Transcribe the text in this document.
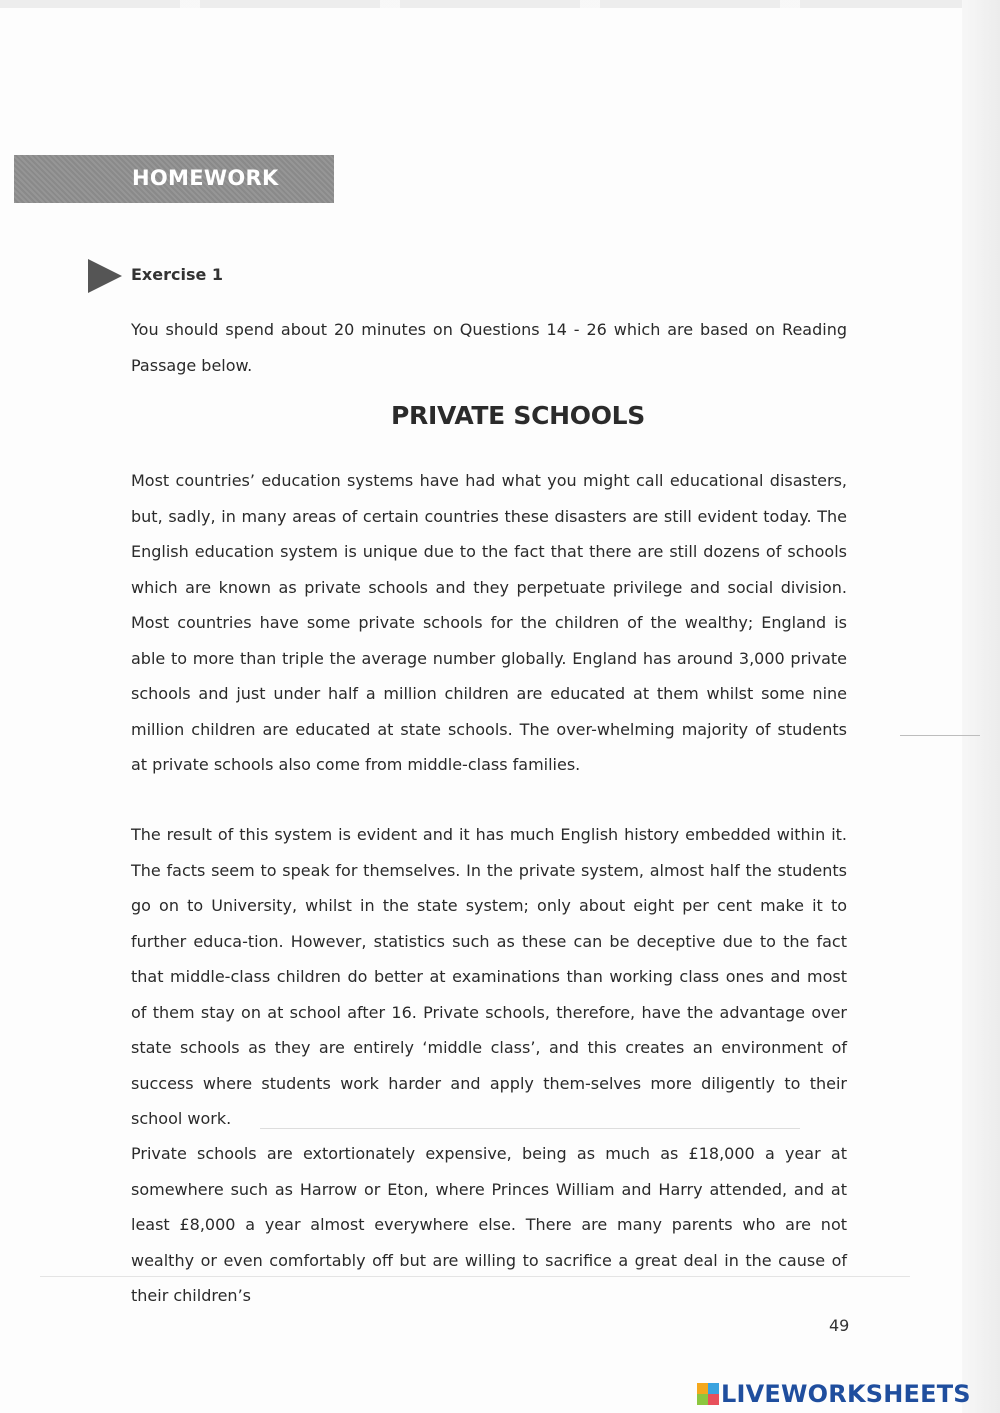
HOMEWORK
Exercise 1
You should spend about 20 minutes on Questions 14 - 26 which are based on Reading Passage below.
PRIVATE SCHOOLS

Most countries’ education systems have had what you might call educational disasters, but, sadly, in many areas of certain countries these disasters are still evident today. The English education system is unique due to the fact that there are still dozens of schools which are known as private schools and they perpetuate privilege and social division. Most countries have some private schools for the children of the wealthy; England is able to more than triple the average number globally. England has around 3,000 private schools and just under half a million children are educated at them whilst some nine million children are educated at state schools. The over-whelming majority of students at private schools also come from middle-class families.

The result of this system is evident and it has much English history embedded within it. The facts seem to speak for themselves. In the private system, almost half the students go on to University, whilst in the state system; only about eight per cent make it to further educa-tion. However, statistics such as these can be deceptive due to the fact that middle-class children do better at examinations than working class ones and most of them stay on at school after 16. Private schools, therefore, have the advantage over state schools as they are entirely ‘middle class’, and this creates an environment of success where students work harder and apply them-selves more diligently to their school work.

Private schools are extortionately expensive, being as much as £18,000 a year at somewhere such as Harrow or Eton, where Princes William and Harry attended, and at least £8,000 a year almost everywhere else. There are many parents who are not wealthy or even comfortably off but are willing to sacrifice a great deal in the cause of their children’s

49
LIVEWORKSHEETS
